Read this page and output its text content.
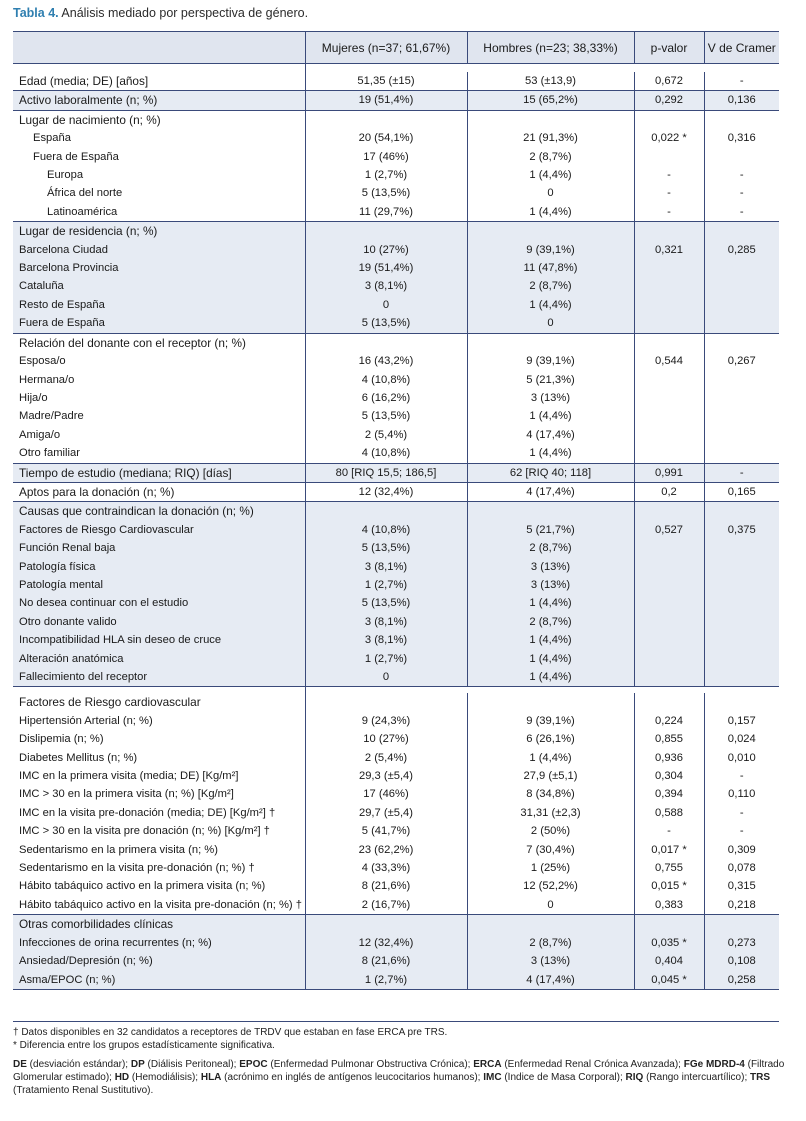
Tabla 4. Análisis mediado por perspectiva de género.
	Mujeres (n=37; 61,67%)	Hombres (n=23; 38,33%)	p-valor	V de Cramer

Edad (media; DE) [años]	51,35 (±15)	53 (±13,9)	0,672	-
Activo laboralmente (n; %)	19 (51,4%)	15 (65,2%)	0,292	0,136
Lugar de nacimiento (n; %)				
España	20 (54,1%)	21 (91,3%)	0,022 *	0,316
Fuera de España	17 (46%)	2 (8,7%)		
Europa	1 (2,7%)	1 (4,4%)	-	-
África del norte	5 (13,5%)	0	-	-
Latinoamérica	11 (29,7%)	1 (4,4%)	-	-
Lugar de residencia (n; %)				
Barcelona Ciudad	10 (27%)	9 (39,1%)	0,321	0,285
Barcelona Provincia	19 (51,4%)	11 (47,8%)		
Cataluña	3 (8,1%)	2 (8,7%)		
Resto de España	0	1 (4,4%)		
Fuera de España	5 (13,5%)	0		
Relación del donante con el receptor (n; %)				
Esposa/o	16 (43,2%)	9 (39,1%)	0,544	0,267
Hermana/o	4 (10,8%)	5 (21,3%)		
Hija/o	6 (16,2%)	3 (13%)		
Madre/Padre	5 (13,5%)	1 (4,4%)		
Amiga/o	2 (5,4%)	4 (17,4%)		
Otro familiar	4 (10,8%)	1 (4,4%)		
Tiempo de estudio (mediana; RIQ) [días]	80 [RIQ 15,5; 186,5]	62 [RIQ 40; 118]	0,991	-
Aptos para la donación (n; %)	12 (32,4%)	4 (17,4%)	0,2	0,165
Causas que contraindican la donación (n; %)				
Factores de Riesgo Cardiovascular	4 (10,8%)	5 (21,7%)	0,527	0,375
Función Renal baja	5 (13,5%)	2 (8,7%)		
Patología física	3 (8,1%)	3 (13%)		
Patología mental	1 (2,7%)	3 (13%)		
No desea continuar con el estudio	5 (13,5%)	1 (4,4%)		
Otro donante valido	3 (8,1%)	2 (8,7%)		
Incompatibilidad HLA sin deseo de cruce	3 (8,1%)	1 (4,4%)		
Alteración anatómica	1 (2,7%)	1 (4,4%)		
Fallecimiento del receptor	0	1 (4,4%)		

Factores de Riesgo cardiovascular				
Hipertensión Arterial (n; %)	9 (24,3%)	9 (39,1%)	0,224	0,157
Dislipemia (n; %)	10 (27%)	6 (26,1%)	0,855	0,024
Diabetes Mellitus (n; %)	2 (5,4%)	1 (4,4%)	0,936	0,010
IMC en la primera visita (media; DE) [Kg/m²]	29,3 (±5,4)	27,9 (±5,1)	0,304	-
IMC > 30 en la primera visita (n; %) [Kg/m²]	17 (46%)	8 (34,8%)	0,394	0,110
IMC en la visita pre-donación (media; DE) [Kg/m²] †	29,7 (±5,4)	31,31 (±2,3)	0,588	-
IMC > 30 en la visita pre donación (n; %) [Kg/m²] †	5 (41,7%)	2 (50%)	-	-
Sedentarismo en la primera visita (n; %)	23 (62,2%)	7 (30,4%)	0,017 *	0,309
Sedentarismo en la visita pre-donación (n; %) †	4 (33,3%)	1 (25%)	0,755	0,078
Hábito tabáquico activo en la primera visita (n; %)	8 (21,6%)	12 (52,2%)	0,015 *	0,315
Hábito tabáquico activo en la visita pre-donación (n; %) †	2 (16,7%)	0	0,383	0,218
Otras comorbilidades clínicas				
Infecciones de orina recurrentes (n; %)	12 (32,4%)	2 (8,7%)	0,035 *	0,273
Ansiedad/Depresión (n; %)	8 (21,6%)	3 (13%)	0,404	0,108
Asma/EPOC (n; %)	1 (2,7%)	4 (17,4%)	0,045 *	0,258
† Datos disponibles en 32 candidatos a receptores de TRDV que estaban en fase ERCA pre TRS.
* Diferencia entre los grupos estadísticamente significativa.
DE (desviación estándar); DP (Diálisis Peritoneal); EPOC (Enfermedad Pulmonar Obstructiva Crónica); ERCA (Enfermedad Renal Crónica Avanzada); FGe MDRD-4 (Filtrado
Glomerular estimado); HD (Hemodiálisis); HLA (acrónimo en inglés de antígenos leucocitarios humanos); IMC (Índice de Masa Corporal); RIQ (Rango intercuartílico); TRS
(Tratamiento Renal Sustitutivo).
